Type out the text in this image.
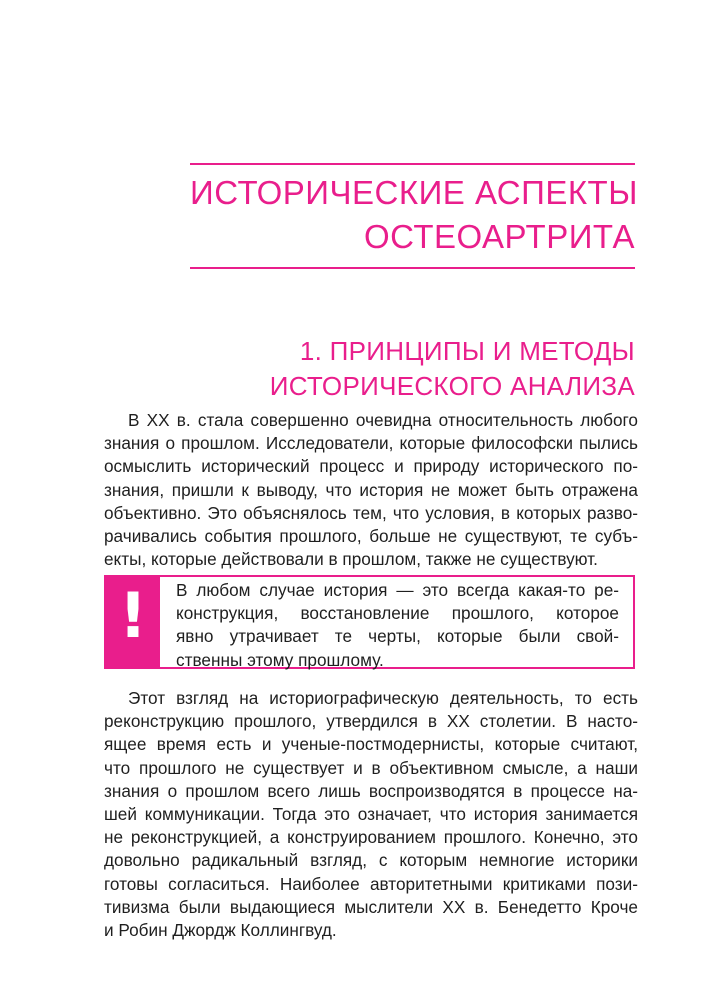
ИСТОРИЧЕСКИЕ АСПЕКТЫ
ОСТЕОАРТРИТА
1. ПРИНЦИПЫ И МЕТОДЫ
ИСТОРИЧЕСКОГО АНАЛИЗА

В XX в. стала совершенно очевидна относительность любого
знания о прошлом. Исследователи, которые философски пылись
осмыслить исторический процесс и природу исторического по-
знания, пришли к выводу, что история не может быть отражена
объективно. Это объяснялось тем, что условия, в которых разво-
рачивались события прошлого, больше не существуют, те субъ-
екты, которые действовали в прошлом, также не существуют.

!	В любом случае история — это всегда какая-то ре-
конструкция, восстановление прошлого, которое
явно утрачивает те черты, которые были свой-
ственны этому прошлому.

Этот взгляд на историографическую деятельность, то есть
реконструкцию прошлого, утвердился в XX столетии. В насто-
ящее время есть и ученые-постмодернисты, которые считают,
что прошлого не существует и в объективном смысле, а наши
знания о прошлом всего лишь воспроизводятся в процессе на-
шей коммуникации. Тогда это означает, что история занимается
не реконструкцией, а конструированием прошлого. Конечно, это
довольно радикальный взгляд, с которым немногие историки
готовы согласиться. Наиболее авторитетными критиками пози-
тивизма были выдающиеся мыслители XX в. Бенедетто Кроче
и Робин Джордж Коллингвуд.
